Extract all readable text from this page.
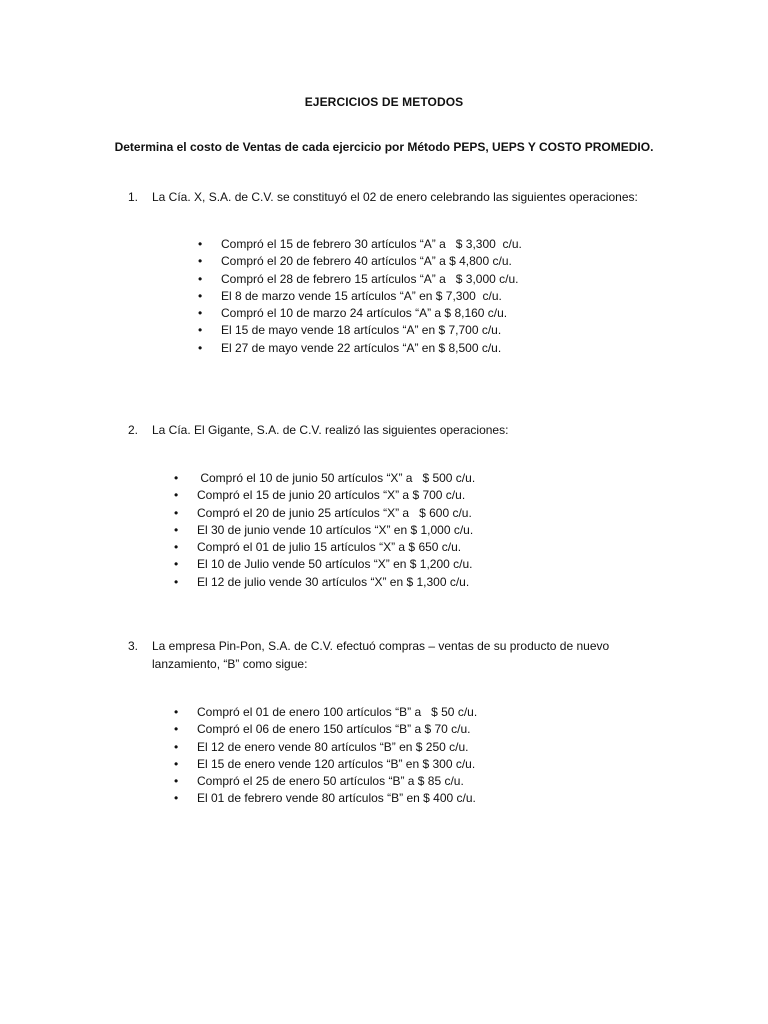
EJERCICIOS DE METODOS
Determina el costo de Ventas de cada ejercicio por Método PEPS, UEPS Y COSTO PROMEDIO.
1.	La Cía. X, S.A. de C.V. se constituyó el 02 de enero celebrando las siguientes operaciones:
• Compró el 15 de febrero 30 artículos “A” a   $ 3,300  c/u.
• Compró el 20 de febrero 40 artículos “A” a $ 4,800 c/u.
• Compró el 28 de febrero 15 artículos “A” a   $ 3,000 c/u.
• El 8 de marzo vende 15 artículos “A” en $ 7,300  c/u.
• Compró el 10 de marzo 24 artículos “A” a $ 8,160 c/u.
• El 15 de mayo vende 18 artículos “A” en $ 7,700 c/u.
• El 27 de mayo vende 22 artículos “A” en $ 8,500 c/u.
2.	La Cía. El Gigante, S.A. de C.V. realizó las siguientes operaciones:
• Compró el 10 de junio 50 artículos “X” a   $ 500 c/u.
• Compró el 15 de junio 20 artículos “X” a $ 700 c/u.
• Compró el 20 de junio 25 artículos “X” a   $ 600 c/u.
• El 30 de junio vende 10 artículos “X” en $ 1,000 c/u.
• Compró el 01 de julio 15 artículos “X” a $ 650 c/u.
• El 10 de Julio vende 50 artículos “X” en $ 1,200 c/u.
• El 12 de julio vende 30 artículos “X” en $ 1,300 c/u.
3.	La empresa Pin-Pon, S.A. de C.V. efectuó compras – ventas de su producto de nuevo lanzamiento, “B” como sigue:
• Compró el 01 de enero 100 artículos “B” a   $ 50 c/u.
• Compró el 06 de enero 150 artículos “B” a $ 70 c/u.
• El 12 de enero vende 80 artículos “B” en $ 250 c/u.
• El 15 de enero vende 120 artículos “B” en $ 300 c/u.
• Compró el 25 de enero 50 artículos “B” a $ 85 c/u.
• El 01 de febrero vende 80 artículos “B” en $ 400 c/u.
